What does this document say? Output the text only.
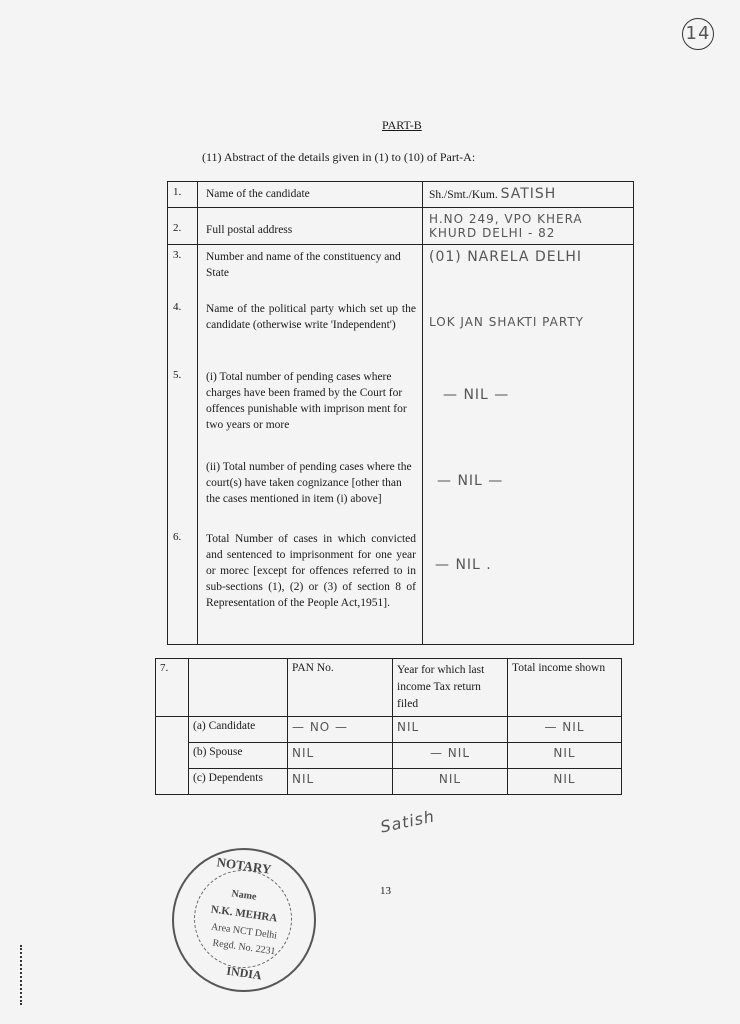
14
PART-B
(11) Abstract of the details given in (1) to (10) of Part-A:
1.	Name of the candidate	Sh./Smt./Kum. SATISH
2.	Full postal address	H.NO 249, VPO KHERA KHURD DELHI - 82
3.	Number and name of the constituency and State	(01) NARELA DELHI
4.	Name of the political party which set up the candidate (otherwise write 'Independent')	LOK JAN SHAKTI PARTY
5.	(i) Total number of pending cases where charges have been framed by the Court for offences punishable with imprison ment for two years or more	— NIL —
	(ii) Total number of pending cases where the court(s) have taken cognizance [other than the cases mentioned in item (i) above]	— NIL —
6.	Total Number of cases in which convicted and sentenced to imprisonment for one year or morec [except for offences referred to in sub-sections (1), (2) or (3) of section 8 of Representation of the People Act,1951].	— NIL .
7.		PAN No.	Year for which last income Tax return filed	Total income shown
	(a) Candidate	— NO —	NIL	— NIL
	(b) Spouse	NIL	— NIL	NIL
	(c) Dependents	NIL	NIL	NIL
Satish
NOTARY
Name
N.K. MEHRA
Area NCT Delhi
Regd. No. 2231
INDIA
13
